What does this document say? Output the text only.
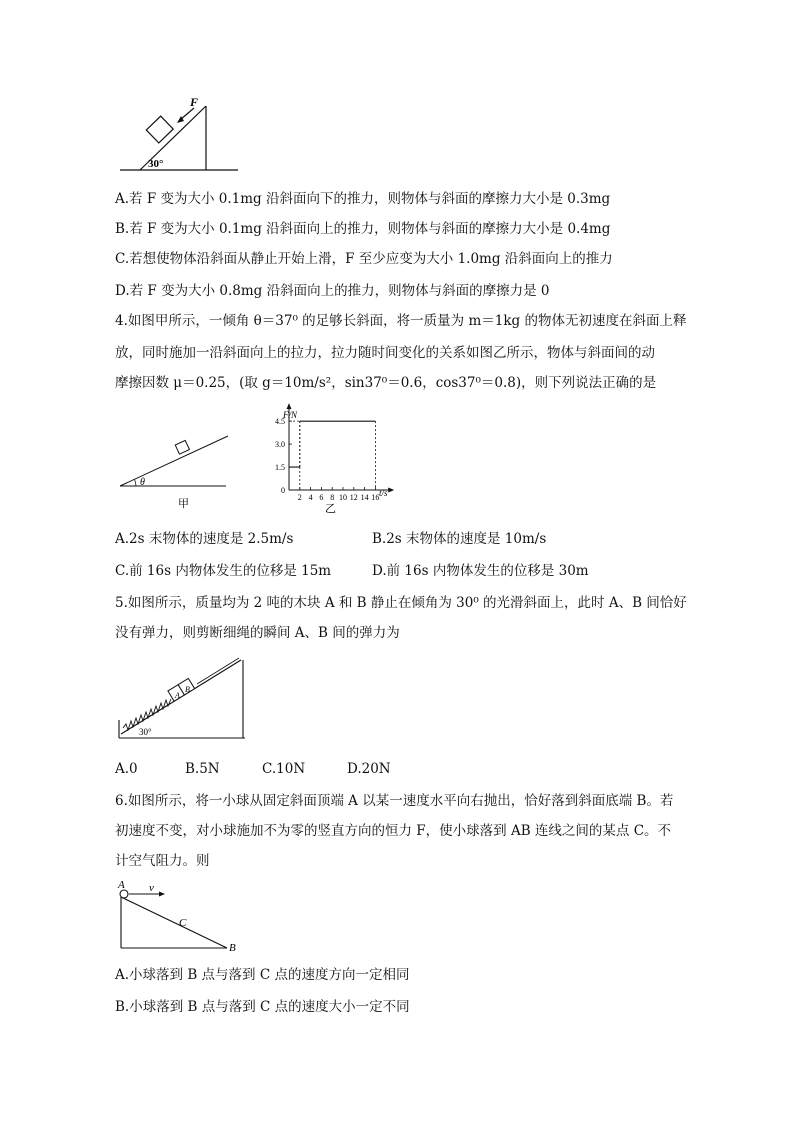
F
30°
A.若 F 变为大小 0.1mg 沿斜面向下的推力，则物体与斜面的摩擦力大小是 0.3mg
B.若 F 变为大小 0.1mg 沿斜面向上的推力，则物体与斜面的摩擦力大小是 0.4mg
C.若想使物体沿斜面从静止开始上滑，F 至少应变为大小 1.0mg 沿斜面向上的推力
D.若 F 变为大小 0.8mg 沿斜面向上的推力，则物体与斜面的摩擦力是 0
4.如图甲所示，一倾角 θ＝37⁰ 的足够长斜面，将一质量为 m＝1kg 的物体无初速度在斜面上释
放，同时施加一沿斜面向上的拉力，拉力随时间变化的关系如图乙所示，物体与斜面间的动
摩擦因数 μ＝0.25，(取 g＝10m/s²，sin37⁰＝0.6，cos37⁰＝0.8)，则下列说法正确的是
θ
甲
4.5
3.0
1.5
0
2 4 6 8 10 12 14 16
F/N
t/s
乙
A.2s 末物体的速度是 2.5m/s	B.2s 末物体的速度是 10m/s
C.前 16s 内物体发生的位移是 15m	D.前 16s 内物体发生的位移是 30m
5.如图所示，质量均为 2 吨的木块 A 和 B 静止在倾角为 30⁰ 的光滑斜面上，此时 A、B 间恰好
没有弹力，则剪断细绳的瞬间 A、B 间的弹力为
A
B
30°
A.0	B.5N	C.10N	D.20N
6.如图所示，将一小球从固定斜面顶端 A 以某一速度水平向右抛出，恰好落到斜面底端 B。若
初速度不变，对小球施加不为零的竖直方向的恒力 F，使小球落到 AB 连线之间的某点 C。不
计空气阻力。则
A v
C
B
A.小球落到 B 点与落到 C 点的速度方向一定相同
B.小球落到 B 点与落到 C 点的速度大小一定不同
